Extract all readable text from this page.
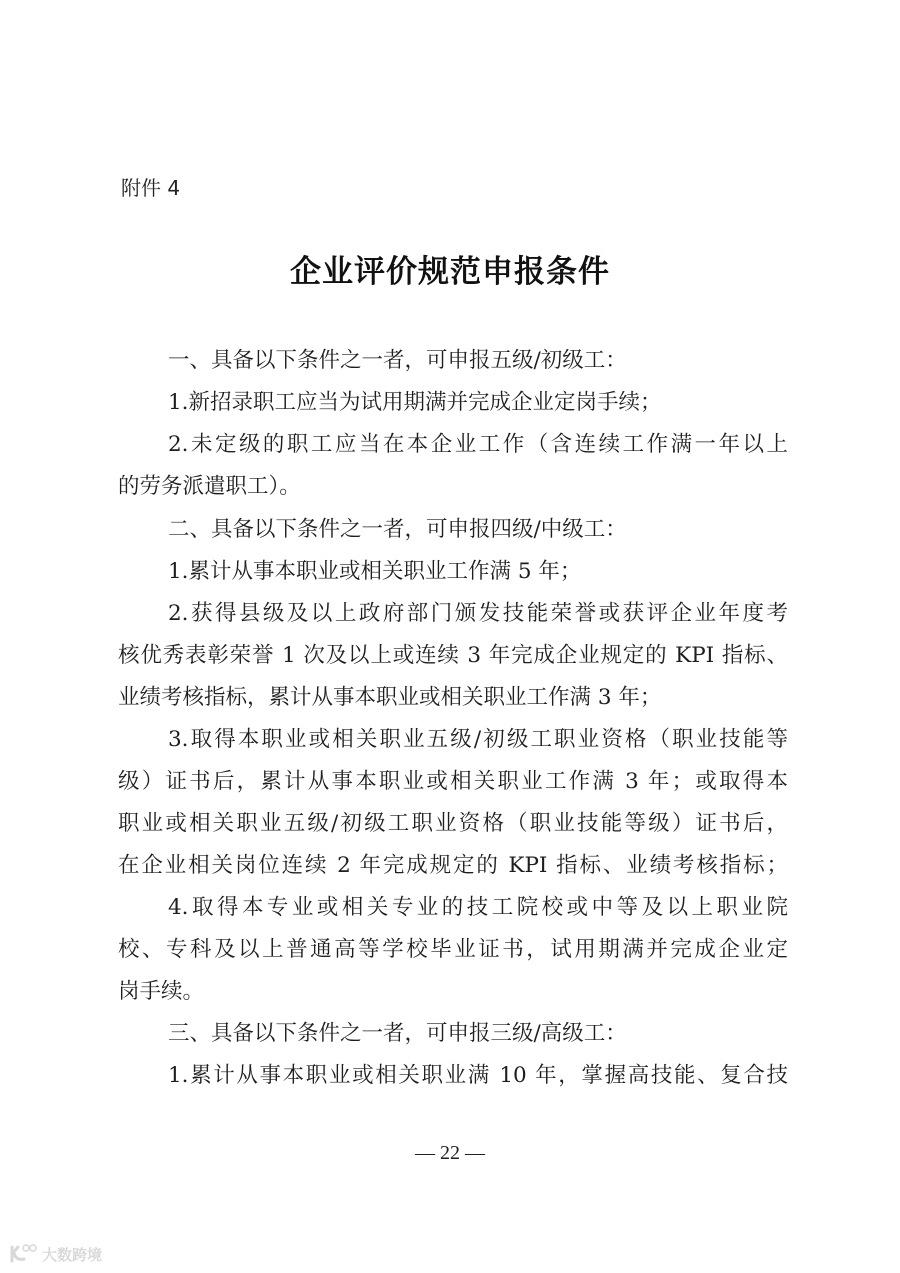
附件 4
企业评价规范申报条件
一、具备以下条件之一者，可申报五级/初级工：
1.新招录职工应当为试用期满并完成企业定岗手续；
2.未定级的职工应当在本企业工作（含连续工作满一年以上
的劳务派遣职工）。
二、具备以下条件之一者，可申报四级/中级工：
1.累计从事本职业或相关职业工作满 5 年；
2.获得县级及以上政府部门颁发技能荣誉或获评企业年度考
核优秀表彰荣誉 1 次及以上或连续 3 年完成企业规定的 KPI 指标、
业绩考核指标，累计从事本职业或相关职业工作满 3 年；
3.取得本职业或相关职业五级/初级工职业资格（职业技能等
级）证书后，累计从事本职业或相关职业工作满 3 年；或取得本
职业或相关职业五级/初级工职业资格（职业技能等级）证书后，
在企业相关岗位连续 2 年完成规定的 KPI 指标、业绩考核指标；
4.取得本专业或相关专业的技工院校或中等及以上职业院
校、专科及以上普通高等学校毕业证书，试用期满并完成企业定
岗手续。
三、具备以下条件之一者，可申报三级/高级工：
1.累计从事本职业或相关职业满 10 年，掌握高技能、复合技
— 22 —
大数跨境
